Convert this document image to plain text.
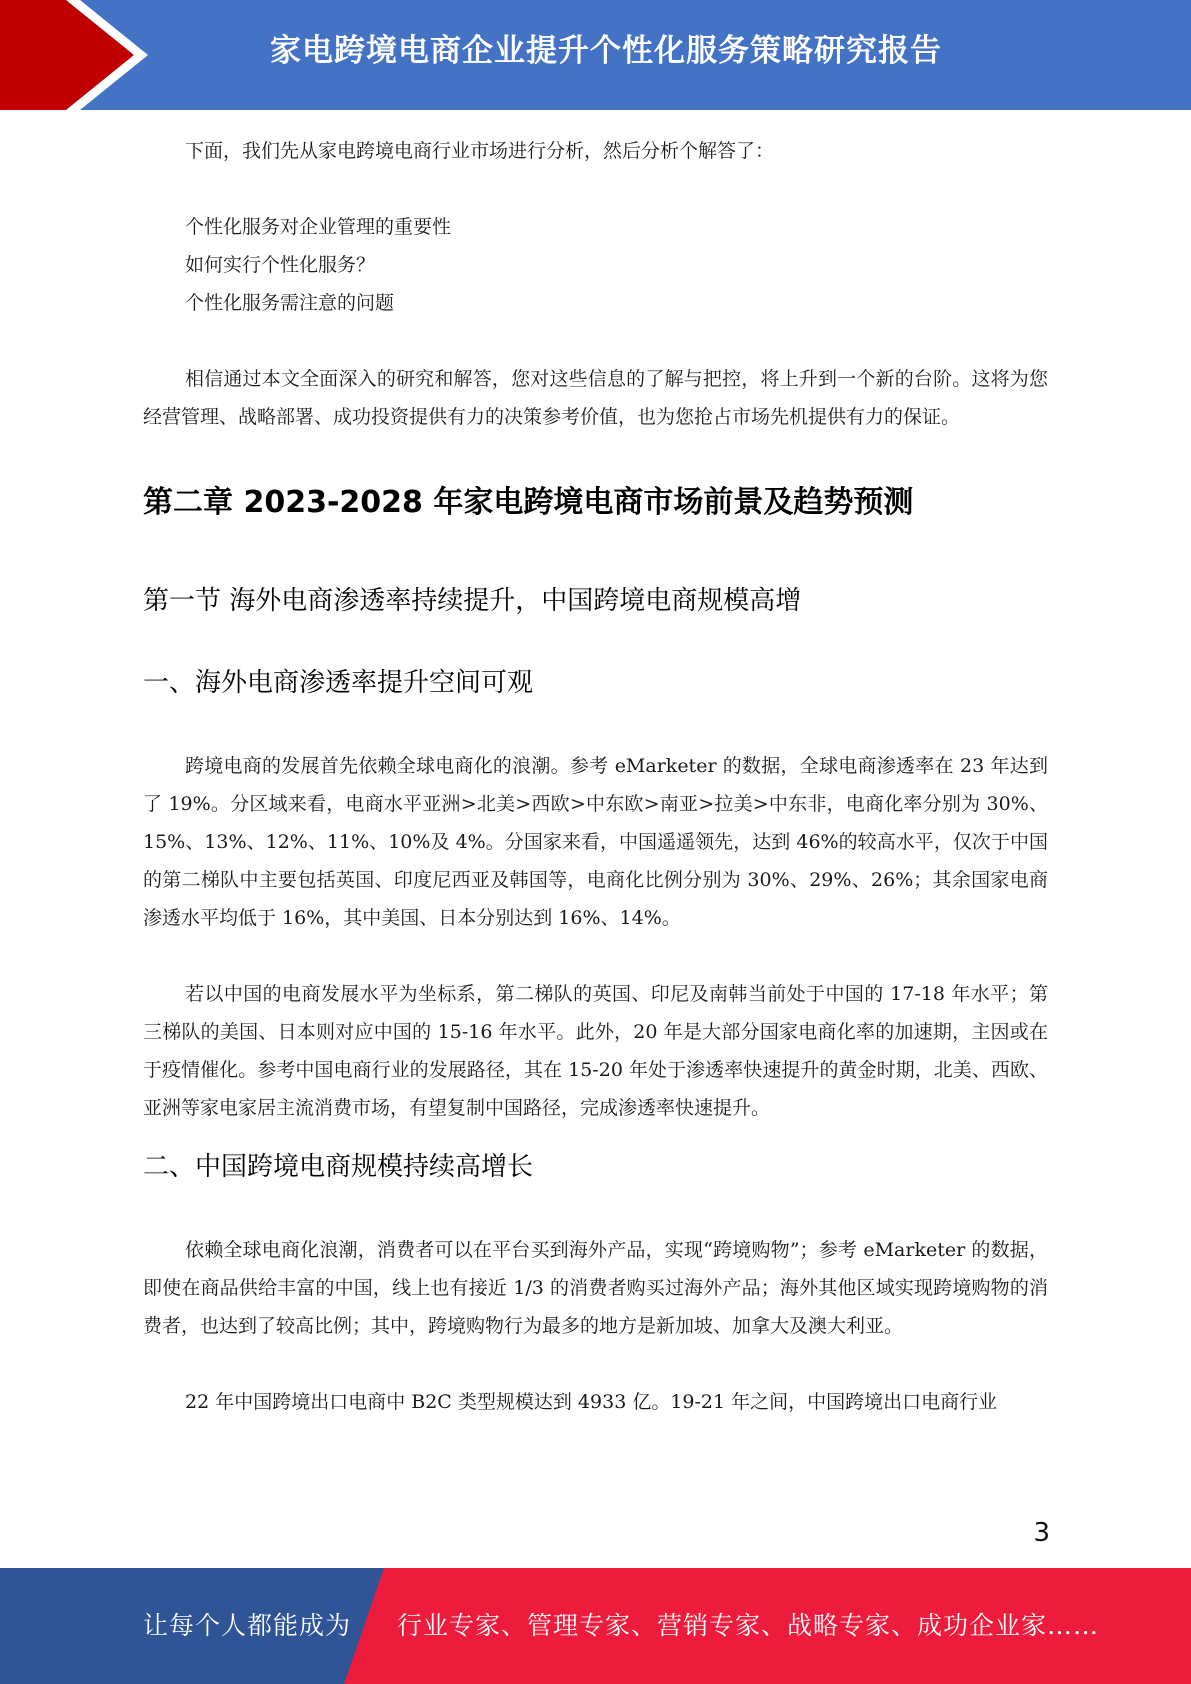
家电跨境电商企业提升个性化服务策略研究报告

下面，我们先从家电跨境电商行业市场进行分析，然后分析个解答了：

个性化服务对企业管理的重要性
如何实行个性化服务？
个性化服务需注意的问题

相信通过本文全面深入的研究和解答，您对这些信息的了解与把控，将上升到一个新的台阶。这将为您经营管理、战略部署、成功投资提供有力的决策参考价值，也为您抢占市场先机提供有力的保证。

第二章 2023-2028 年家电跨境电商市场前景及趋势预测
第一节 海外电商渗透率持续提升，中国跨境电商规模高增
一、海外电商渗透率提升空间可观

跨境电商的发展首先依赖全球电商化的浪潮。参考 eMarketer 的数据，全球电商渗透率在 23 年达到了 19%。分区域来看，电商水平亚洲>北美>西欧>中东欧>南亚>拉美>中东非，电商化率分别为 30%、15%、13%、12%、11%、10%及 4%。分国家来看，中国遥遥领先，达到 46%的较高水平，仅次于中国的第二梯队中主要包括英国、印度尼西亚及韩国等，电商化比例分别为 30%、29%、26%；其余国家电商渗透水平均低于 16%，其中美国、日本分别达到 16%、14%。

若以中国的电商发展水平为坐标系，第二梯队的英国、印尼及南韩当前处于中国的 17-18 年水平；第三梯队的美国、日本则对应中国的 15-16 年水平。此外，20 年是大部分国家电商化率的加速期，主因或在于疫情催化。参考中国电商行业的发展路径，其在 15-20 年处于渗透率快速提升的黄金时期，北美、西欧、亚洲等家电家居主流消费市场，有望复制中国路径，完成渗透率快速提升。

二、中国跨境电商规模持续高增长

依赖全球电商化浪潮，消费者可以在平台买到海外产品，实现“跨境购物”；参考 eMarketer 的数据，即使在商品供给丰富的中国，线上也有接近 1/3 的消费者购买过海外产品；海外其他区域实现跨境购物的消费者，也达到了较高比例；其中，跨境购物行为最多的地方是新加坡、加拿大及澳大利亚。

22 年中国跨境出口电商中 B2C 类型规模达到 4933 亿。19-21 年之间，中国跨境出口电商行业

3
让每个人都能成为 行业专家、管理专家、营销专家、战略专家、成功企业家……
